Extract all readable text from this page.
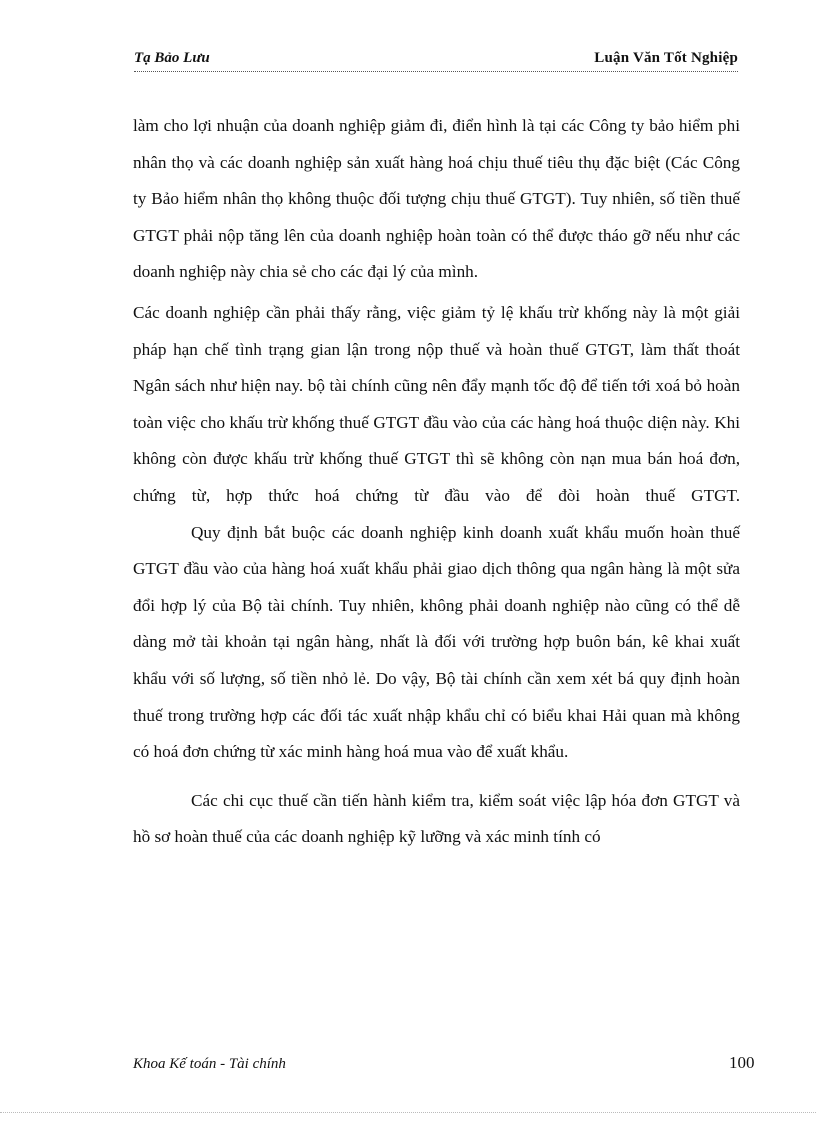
Tạ Bảo Lưu	Luận Văn Tốt Nghiệp

làm cho lợi nhuận của doanh nghiệp giảm đi, điển hình là tại các Công ty bảo hiểm phi nhân thọ và các doanh nghiệp sản xuất hàng hoá chịu thuế tiêu thụ đặc biệt (Các Công ty Bảo hiểm nhân thọ không thuộc đối tượng chịu thuế GTGT). Tuy nhiên, số tiền thuế GTGT phải nộp tăng lên của doanh nghiệp hoàn toàn có thể được tháo gỡ nếu như các doanh nghiệp này chia sẻ cho các đại lý của mình.

Các doanh nghiệp cần phải thấy rằng, việc giảm tỷ lệ khấu trừ khống này là một giải pháp hạn chế tình trạng gian lận trong nộp thuế và hoàn thuế GTGT, làm thất thoát Ngân sách như hiện nay. bộ tài chính cũng nên đẩy mạnh tốc độ để tiến tới xoá bỏ hoàn toàn việc cho khấu trừ khống thuế GTGT đầu vào của các hàng hoá thuộc diện này. Khi không còn được khấu trừ khống thuế GTGT thì sẽ không còn nạn mua bán hoá đơn, chứng từ, hợp thức hoá chứng từ đầu vào để đòi hoàn thuế GTGT.

Quy định bắt buộc các doanh nghiệp kinh doanh xuất khẩu muốn hoàn thuế GTGT đầu vào của hàng hoá xuất khẩu phải giao dịch thông qua ngân hàng là một sửa đổi hợp lý của Bộ tài chính. Tuy nhiên, không phải doanh nghiệp nào cũng có thể dễ dàng mở tài khoản tại ngân hàng, nhất là đối với trường hợp buôn bán, kê khai xuất khẩu với số lượng, số tiền nhỏ lẻ. Do vậy, Bộ tài chính cần xem xét bá quy định hoàn thuế trong trường hợp các đối tác xuất nhập khẩu chỉ có biểu khai Hải quan mà không có hoá đơn chứng từ xác minh hàng hoá mua vào để xuất khẩu.

Các chi cục thuế cần tiến hành kiểm tra, kiểm soát việc lập hóa đơn GTGT và hồ sơ hoàn thuế của các doanh nghiệp kỹ lưỡng và xác minh tính có

Khoa Kế toán - Tài chính	100
